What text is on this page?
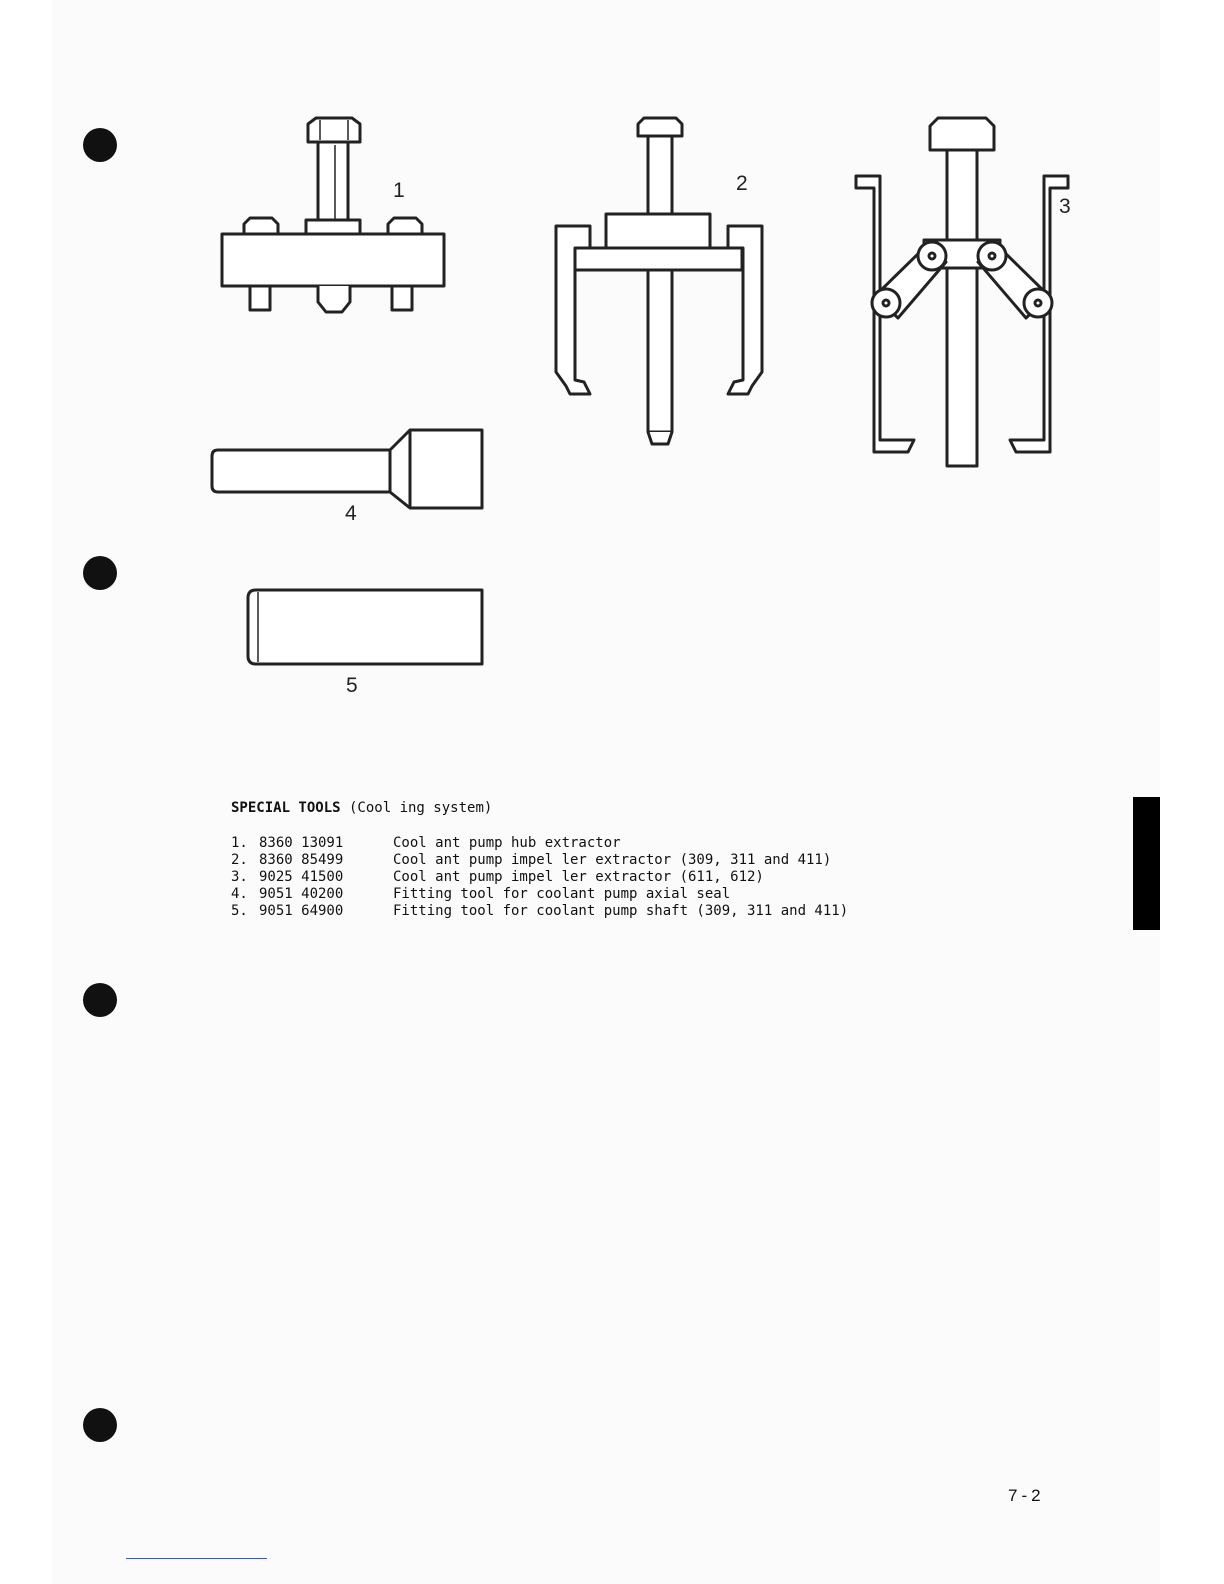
1	2
3
4
5
SPECIAL TOOLS (Cool ing system)
1. 8360 13091	Cool ant pump hub extractor
2. 8360 85499	Cool ant pump impel ler extractor (309, 311 and 411)
3. 9025 41500	Cool ant pump impel ler extractor (611, 612)
4. 9051 40200	Fitting tool for coolant pump axial seal
5. 9051 64900	Fitting tool for coolant pump shaft (309, 311 and 411)
7-2
